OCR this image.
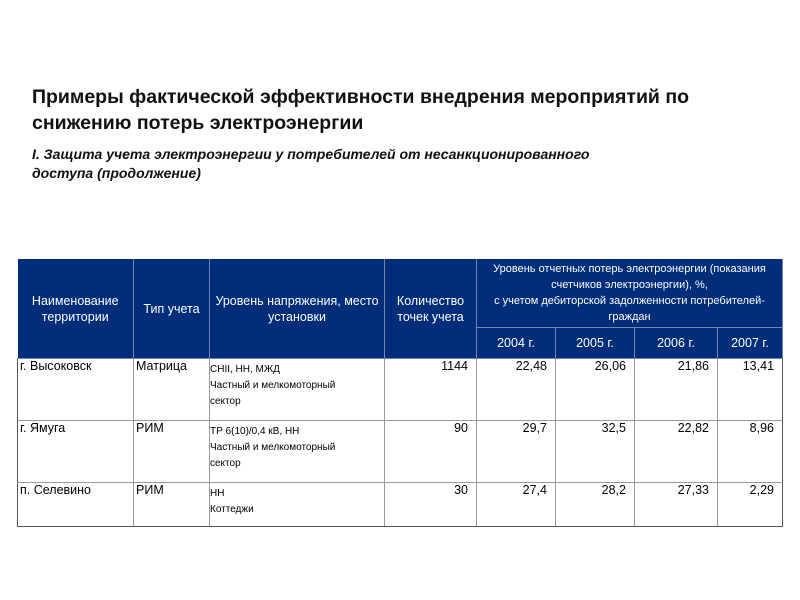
Примеры фактической эффективности внедрения мероприятий по снижению потерь электроэнергии
I. Защита учета электроэнергии у потребителей от несанкционированного
доступа (продолжение)
Наименование территории	Тип учета	Уровень напряжения, место установки	Количество точек учета	Уровень отчетных потерь электроэнергии (показания
счетчиков электроэнергии), %,
с учетом дебиторской задолженности потребителей-
граждан			

				2004 г.	2005 г.	2006 г.	2007 г.
г. Высоковск	Матрица	СНII, НН, МЖД
Частный и мелкомоторный
сектор	1144	22,48	26,06	21,86	13,41
г. Ямуга	РИМ	ТР 6(10)/0,4 кВ, НН
Частный и мелкомоторный
сектор	90	29,7	32,5	22,82	8,96
п. Селевино	РИМ	НН
Коттеджи	30	27,4	28,2	27,33	2,29
